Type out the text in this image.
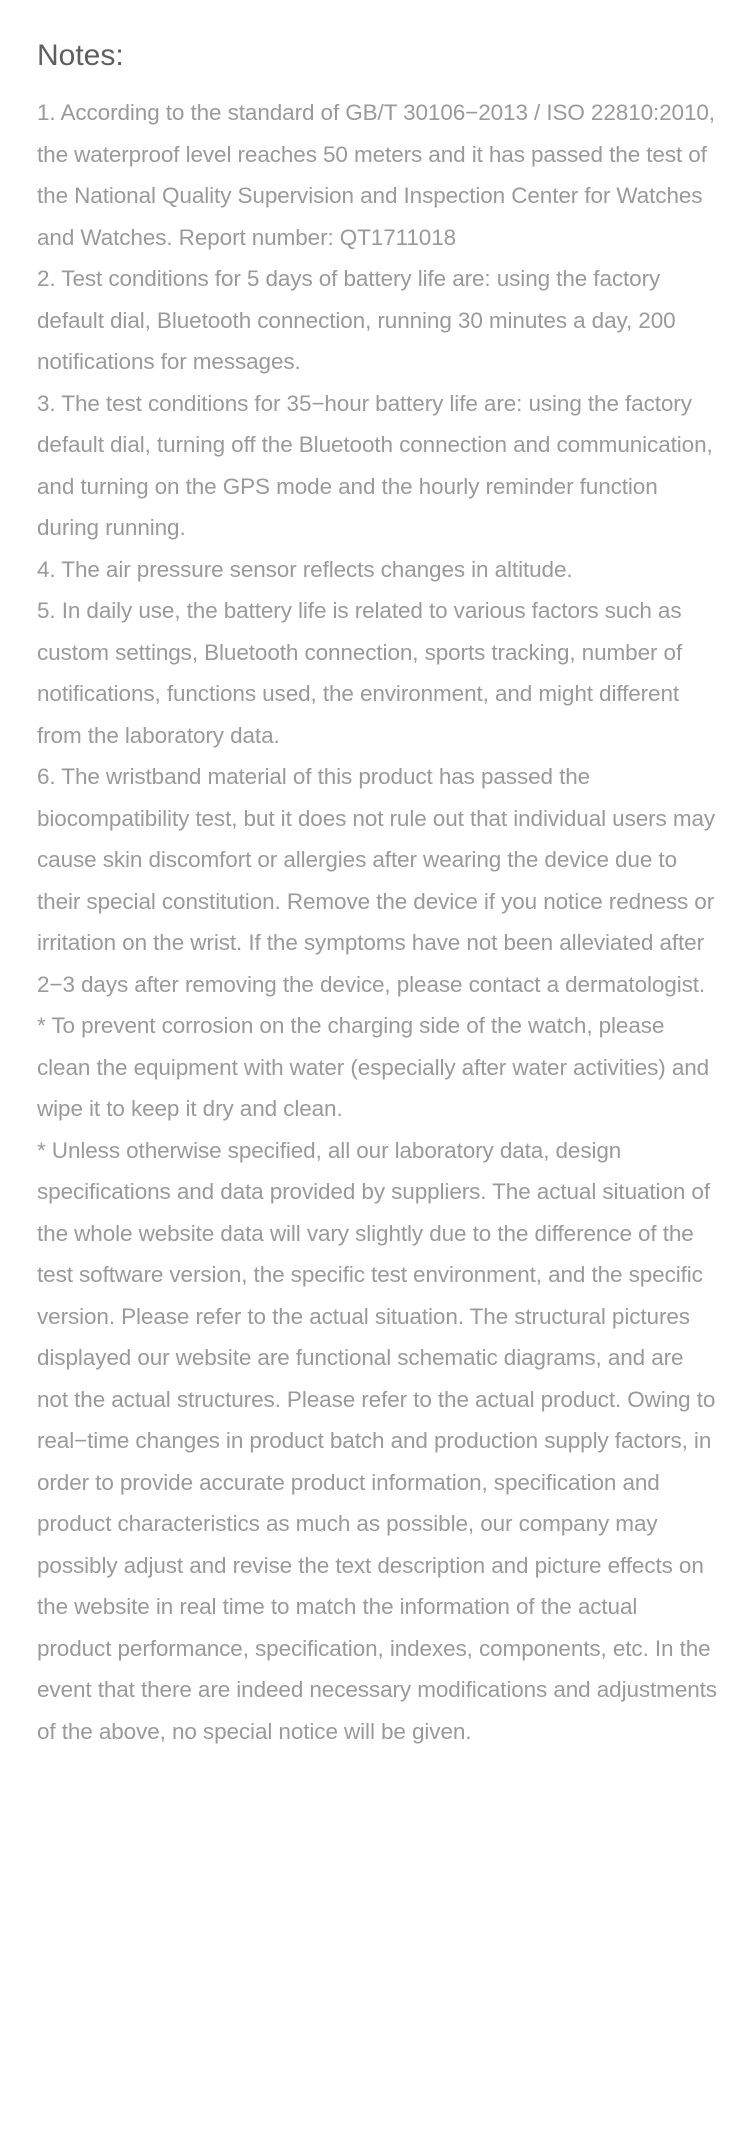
Notes:

1. According to the standard of GB/T 30106−2013 / ISO 22810:2010, the waterproof level reaches 50 meters and it has passed the test of the National Quality Supervision and Inspection Center for Watches and Watches. Report number: QT1711018

2. Test conditions for 5 days of battery life are: using the factory default dial, Bluetooth connection, running 30 minutes a day, 200 notifications for messages.

3. The test conditions for 35−hour battery life are: using the factory default dial, turning off the Bluetooth connection and communication, and turning on the GPS mode and the hourly reminder function during running.

4. The air pressure sensor reflects changes in altitude.

5. In daily use, the battery life is related to various factors such as custom settings, Bluetooth connection, sports tracking, number of notifications, functions used, the environment, and might different from the laboratory data.

6. The wristband material of this product has passed the biocompatibility test, but it does not rule out that individual users may cause skin discomfort or allergies after wearing the device due to their special constitution. Remove the device if you notice redness or irritation on the wrist. If the symptoms have not been alleviated after 2−3 days after removing the device, please contact a dermatologist.

* To prevent corrosion on the charging side of the watch, please clean the equipment with water (especially after water activities) and wipe it to keep it dry and clean.

* Unless otherwise specified, all our laboratory data, design specifications and data provided by suppliers. The actual situation of the whole website data will vary slightly due to the difference of the test software version, the specific test environment, and the specific version. Please refer to the actual situation. The structural pictures displayed our website are functional schematic diagrams, and are not the actual structures. Please refer to the actual product. Owing to real−time changes in product batch and production supply factors, in order to provide accurate product information, specification and product characteristics as much as possible, our company may possibly adjust and revise the text description and picture effects on the website in real time to match the information of the actual product performance, specification, indexes, components, etc. In the event that there are indeed necessary modifications and adjustments of the above, no special notice will be given.
